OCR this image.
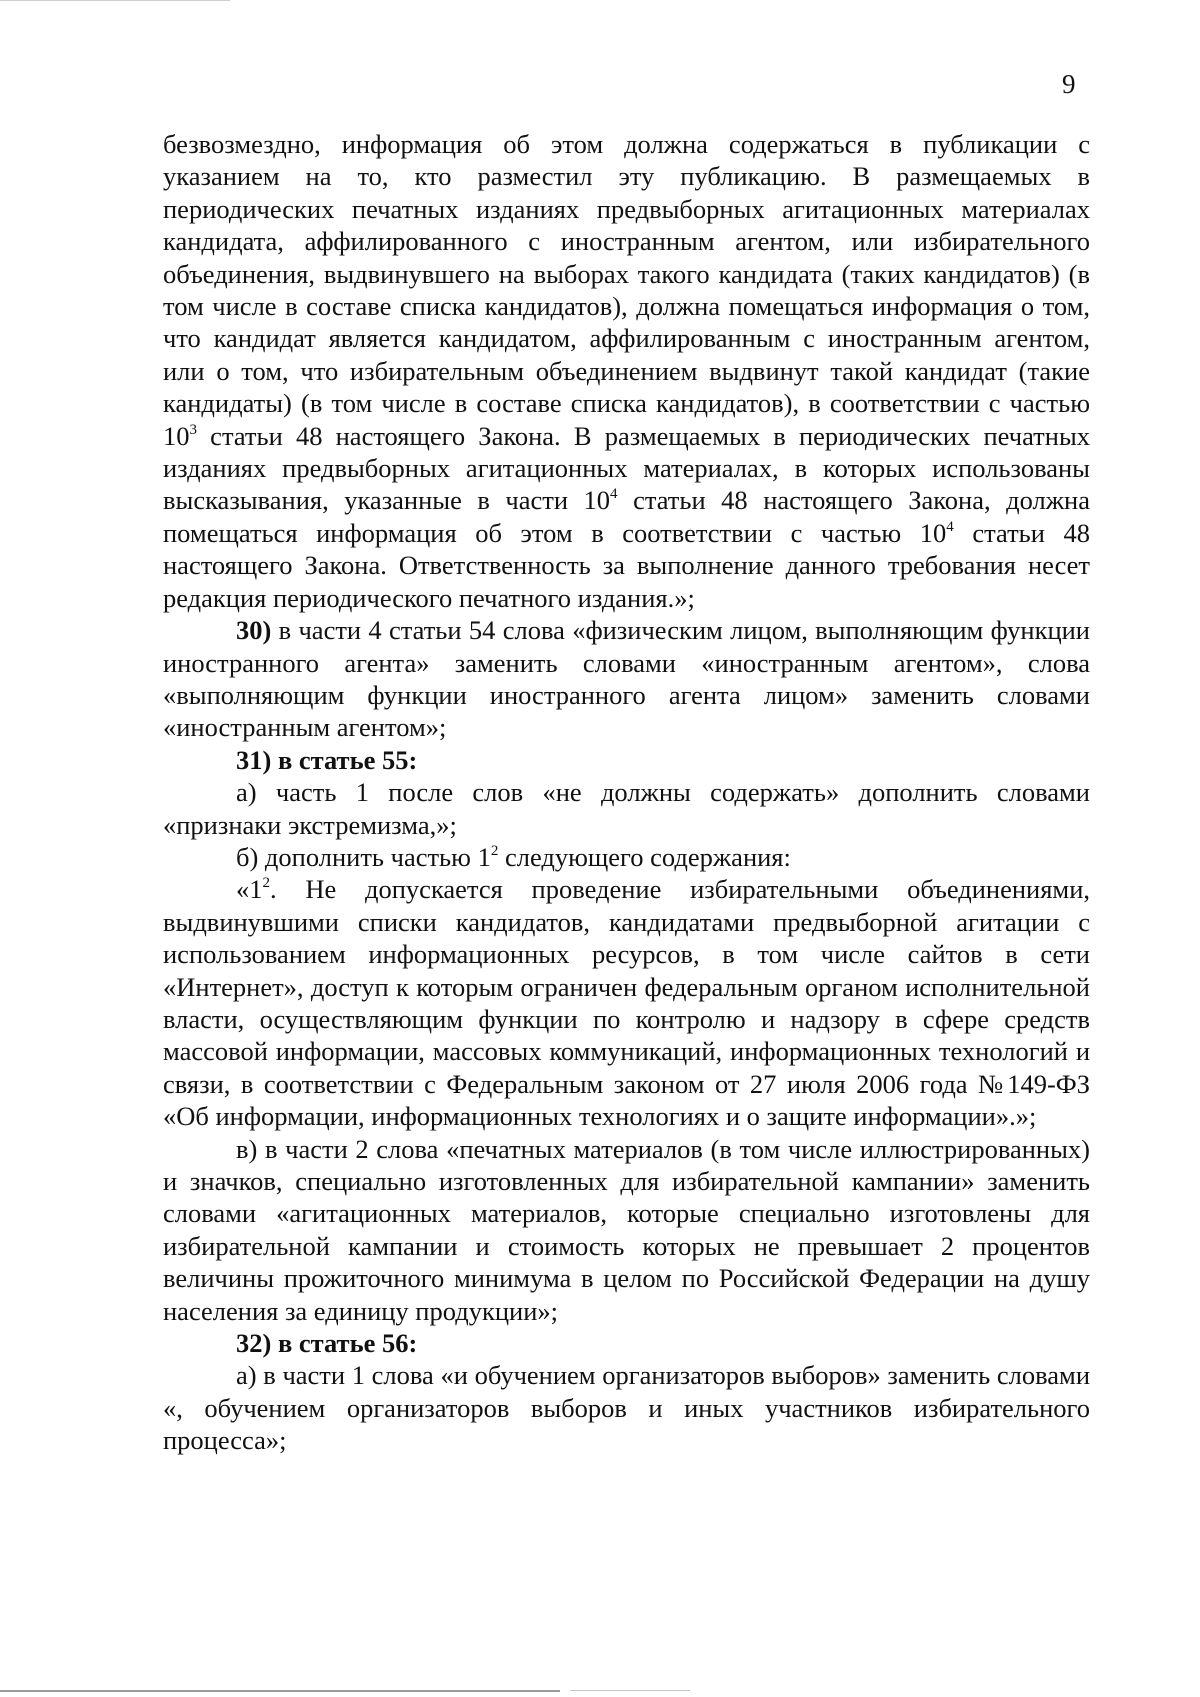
9

безвозмездно, информация об этом должна содержаться в публикации с указанием на то, кто разместил эту публикацию. В размещаемых в периодических печатных изданиях предвыборных агитационных материалах кандидата, аффилированного с иностранным агентом, или избирательного объединения, выдвинувшего на выборах такого кандидата (таких кандидатов) (в том числе в составе списка кандидатов), должна помещаться информация о том, что кандидат является кандидатом, аффилированным с иностранным агентом, или о том, что избирательным объединением выдвинут такой кандидат (такие кандидаты) (в том числе в составе списка кандидатов), в соответствии с частью $10^3$ статьи 48 настоящего Закона. В размещаемых в периодических печатных изданиях предвыборных агитационных материалах, в которых использованы высказывания, указанные в части $10^4$ статьи 48 настоящего Закона, должна помещаться информация об этом в соответствии с частью $10^4$ статьи 48 настоящего Закона. Ответственность за выполнение данного требования несет редакция периодического печатного издания.»;

30) в части 4 статьи 54 слова «физическим лицом, выполняющим функции иностранного агента» заменить словами «иностранным агентом», слова «выполняющим функции иностранного агента лицом» заменить словами «иностранным агентом»;

31) в статье 55:

а) часть 1 после слов «не должны содержать» дополнить словами «признаки экстремизма,»;

б) дополнить частью $1^2$ следующего содержания:

«$1^2$. Не допускается проведение избирательными объединениями, выдвинувшими списки кандидатов, кандидатами предвыборной агитации с использованием информационных ресурсов, в том числе сайтов в сети «Интернет», доступ к которым ограничен федеральным органом исполнительной власти, осуществляющим функции по контролю и надзору в сфере средств массовой информации, массовых коммуникаций, информационных технологий и связи, в соответствии с Федеральным законом от 27 июля 2006 года №149-ФЗ «Об информации, информационных технологиях и о защите информации».»;

в) в части 2 слова «печатных материалов (в том числе иллюстрированных) и значков, специально изготовленных для избирательной кампании» заменить словами «агитационных материалов, которые специально изготовлены для избирательной кампании и стоимость которых не превышает 2 процентов величины прожиточного минимума в целом по Российской Федерации на душу населения за единицу продукции»;

32) в статье 56:

а) в части 1 слова «и обучением организаторов выборов» заменить словами «, обучением организаторов выборов и иных участников избирательного процесса»;
